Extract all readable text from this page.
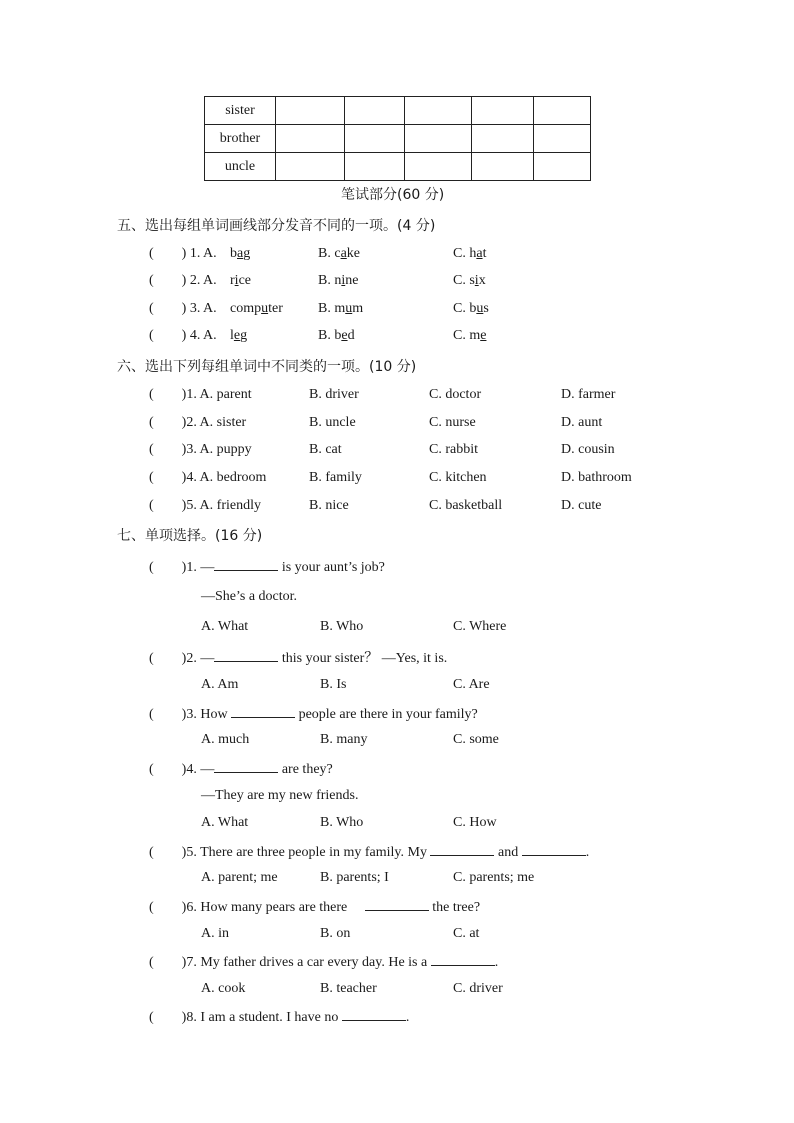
sister					
brother					
uncle					
笔试部分(60 分)
五、选出每组单词画线部分发音不同的一项。(4 分)
( ) 1. A. bag	B. cake	C. hat
( ) 2. A. rice	B. nine	C. six
( ) 3. A. computer	B. mum	C. bus
( ) 4. A. leg	B. bed	C. me
六、选出下列每组单词中不同类的一项。(10 分)
( )1. A. parent	B. driver	C. doctor	D. farmer
( )2. A. sister	B. uncle	C. nurse	D. aunt
( )3. A. puppy	B. cat	C. rabbit	D. cousin
( )4. A. bedroom	B. family	C. kitchen	D. bathroom
( )5. A. friendly	B. nice	C. basketball	D. cute
七、单项选择。(16 分)
( )1. —	is your aunt’s job?
—She’s a doctor.
A. What	B. Who	C. Where
( )2. —	this your sister？ —Yes, it is.
A. Am	B. Is	C. Are
( )3. How	people are there in your family?
A. much	B. many	C. some
( )4. —	are they?
—They are my new friends.
A. What	B. Who	C. How
( )5. There are three people in my family. My	and	.
A. parent; me	B. parents; I	C. parents; me
( )6. How many pears are there	the tree?
A. in	B. on	C. at
( )7. My father drives a car every day. He is a	.
A. cook	B. teacher	C. driver
( )8. I am a student. I have no	.
